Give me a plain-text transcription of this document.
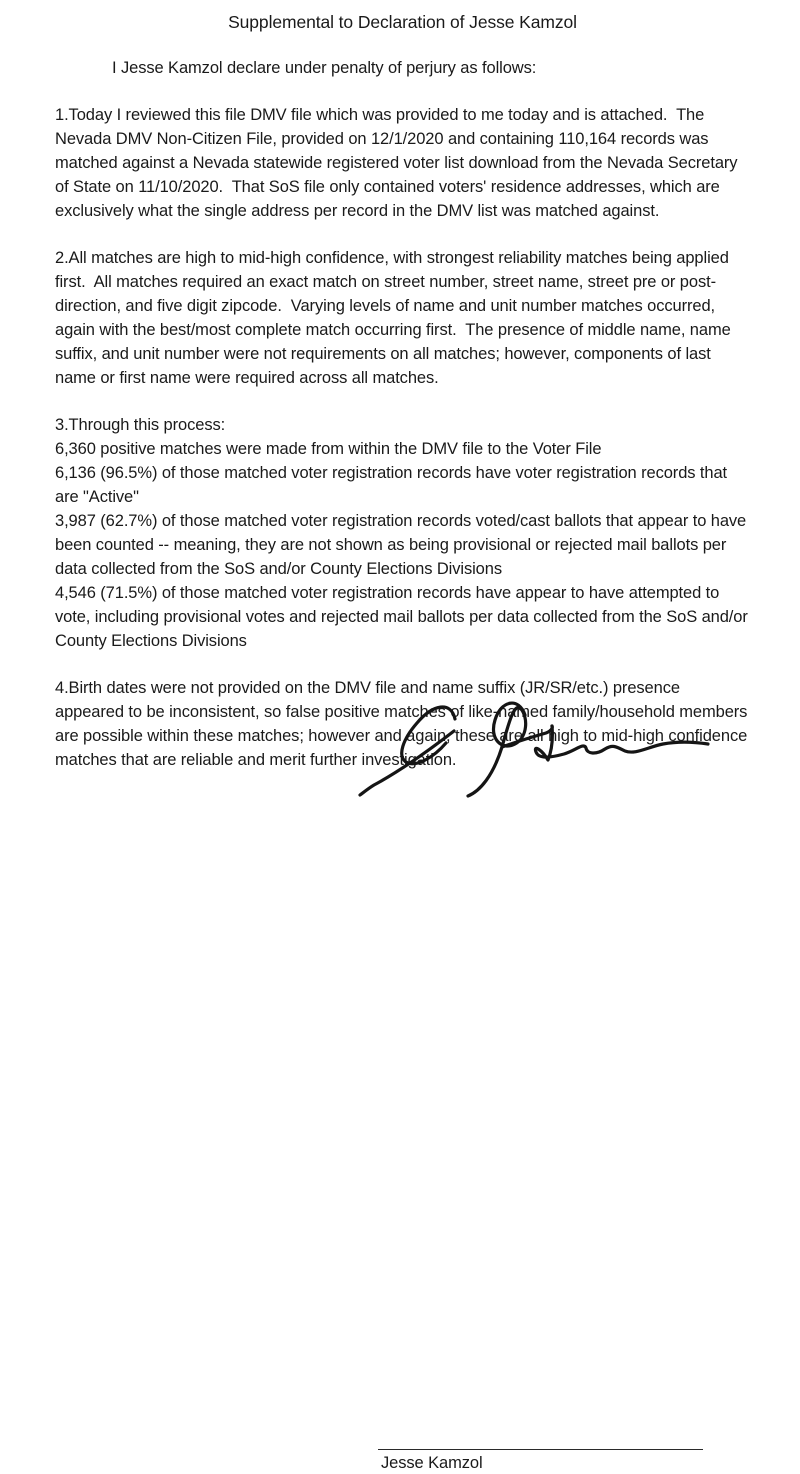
Supplemental to Declaration of Jesse Kamzol

I Jesse Kamzol declare under penalty of perjury as follows:

1.Today I reviewed this file DMV file which was provided to me today and is attached.  The Nevada DMV Non-Citizen File, provided on 12/1/2020 and containing 110,164 records was matched against a Nevada statewide registered voter list download from the Nevada Secretary of State on 11/10/2020.  That SoS file only contained voters' residence addresses, which are exclusively what the single address per record in the DMV list was matched against.

2.All matches are high to mid-high confidence, with strongest reliability matches being applied first.  All matches required an exact match on street number, street name, street pre or post-direction, and five digit zipcode.  Varying levels of name and unit number matches occurred, again with the best/most complete match occurring first.  The presence of middle name, name suffix, and unit number were not requirements on all matches; however, components of last name or first name were required across all matches.

3.Through this process:
6,360 positive matches were made from within the DMV file to the Voter File
6,136 (96.5%) of those matched voter registration records have voter registration records that are "Active"
3,987 (62.7%) of those matched voter registration records voted/cast ballots that appear to have been counted -- meaning, they are not shown as being provisional or rejected mail ballots per data collected from the SoS and/or County Elections Divisions
4,546 (71.5%) of those matched voter registration records have appear to have attempted to vote, including provisional votes and rejected mail ballots per data collected from the SoS and/or County Elections Divisions

4.Birth dates were not provided on the DMV file and name suffix (JR/SR/etc.) presence appeared to be inconsistent, so false positive matches of like-named family/household members are possible within these matches; however and again, these are all high to mid-high confidence matches that are reliable and merit further investigation.

Jesse Kamzol
